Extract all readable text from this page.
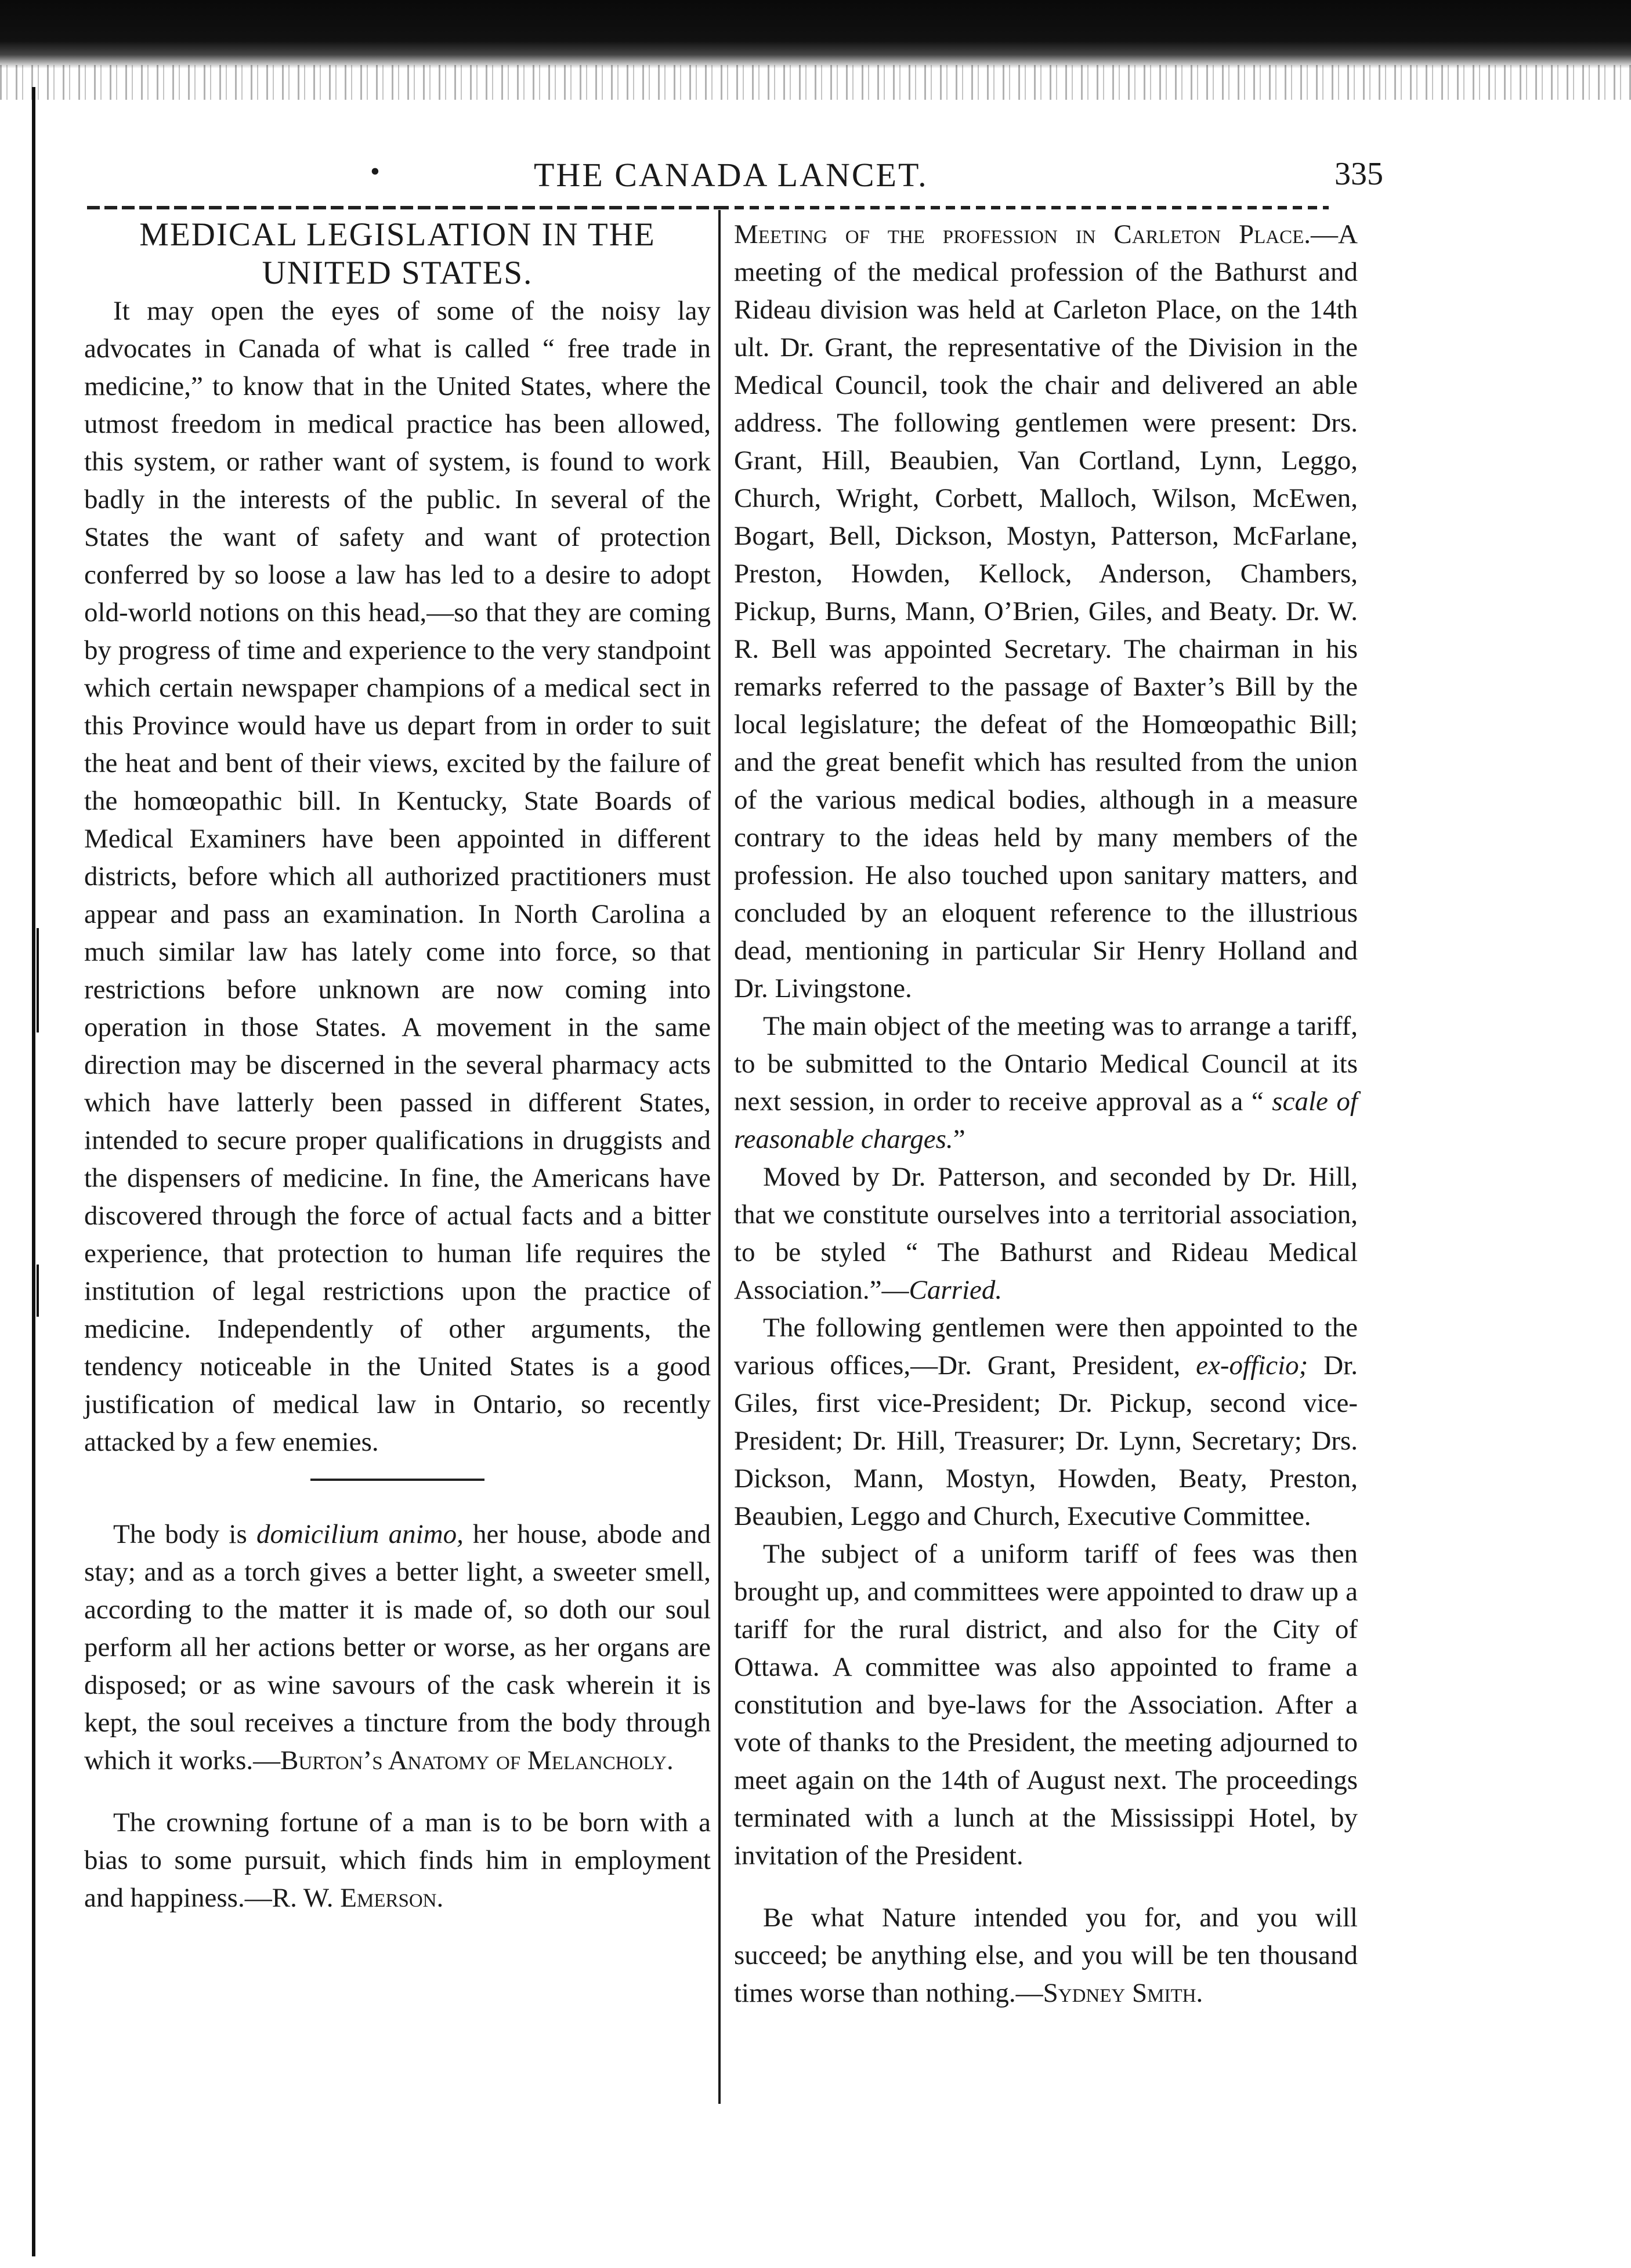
•	THE CANADA LANCET.	335

MEDICAL LEGISLATION IN THE UNITED STATES.

It may open the eyes of some of the noisy lay advocates in Canada of what is called “ free trade in medicine,” to know that in the United States, where the utmost freedom in medical practice has been allowed, this system, or rather want of system, is found to work badly in the interests of the public. In several of the States the want of safety and want of protection conferred by so loose a law has led to a desire to adopt old-world notions on this head,—so that they are coming by progress of time and experience to the very standpoint which certain newspaper champions of a medical sect in this Province would have us depart from in order to suit the heat and bent of their views, excited by the failure of the homœopathic bill. In Kentucky, State Boards of Medical Examiners have been appointed in different districts, before which all authorized practitioners must appear and pass an examination. In North Carolina a much similar law has lately come into force, so that restrictions before unknown are now coming into operation in those States. A movement in the same direction may be discerned in the several pharmacy acts which have latterly been passed in different States, intended to secure proper qualifications in druggists and the dispensers of medicine. In fine, the Americans have discovered through the force of actual facts and a bitter experience, that protection to human life requires the institution of legal restrictions upon the practice of medicine. Independently of other arguments, the tendency noticeable in the United States is a good justification of medical law in Ontario, so recently attacked by a few enemies.

The body is domicilium animo, her house, abode and stay; and as a torch gives a better light, a sweeter smell, according to the matter it is made of, so doth our soul perform all her actions better or worse, as her organs are disposed; or as wine savours of the cask wherein it is kept, the soul receives a tincture from the body through which it works.—Burton’s Anatomy of Melancholy.

The crowning fortune of a man is to be born with a bias to some pursuit, which finds him in employment and happiness.—R. W. Emerson.

Meeting of the profession in Carleton Place.—A meeting of the medical profession of the Bathurst and Rideau division was held at Carleton Place, on the 14th ult. Dr. Grant, the representative of the Division in the Medical Council, took the chair and delivered an able address. The following gentlemen were present: Drs. Grant, Hill, Beaubien, Van Cortland, Lynn, Leggo, Church, Wright, Corbett, Malloch, Wilson, McEwen, Bogart, Bell, Dickson, Mostyn, Patterson, McFarlane, Preston, Howden, Kellock, Anderson, Chambers, Pickup, Burns, Mann, O’Brien, Giles, and Beaty. Dr. W. R. Bell was appointed Secretary. The chairman in his remarks referred to the passage of Baxter’s Bill by the local legislature; the defeat of the Homœopathic Bill; and the great benefit which has resulted from the union of the various medical bodies, although in a measure contrary to the ideas held by many members of the profession. He also touched upon sanitary matters, and concluded by an eloquent reference to the illustrious dead, mentioning in particular Sir Henry Holland and Dr. Livingstone.

The main object of the meeting was to arrange a tariff, to be submitted to the Ontario Medical Council at its next session, in order to receive approval as a “ scale of reasonable charges.”

Moved by Dr. Patterson, and seconded by Dr. Hill, that we constitute ourselves into a territorial association, to be styled “ The Bathurst and Rideau Medical Association.”—Carried.

The following gentlemen were then appointed to the various offices,—Dr. Grant, President, ex-officio; Dr. Giles, first vice-President; Dr. Pickup, second vice-President; Dr. Hill, Treasurer; Dr. Lynn, Secretary; Drs. Dickson, Mann, Mostyn, Howden, Beaty, Preston, Beaubien, Leggo and Church, Executive Committee.

The subject of a uniform tariff of fees was then brought up, and committees were appointed to draw up a tariff for the rural district, and also for the City of Ottawa. A committee was also appointed to frame a constitution and bye-laws for the Association. After a vote of thanks to the President, the meeting adjourned to meet again on the 14th of August next. The proceedings terminated with a lunch at the Mississippi Hotel, by invitation of the President.

Be what Nature intended you for, and you will succeed; be anything else, and you will be ten thousand times worse than nothing.—Sydney Smith.
